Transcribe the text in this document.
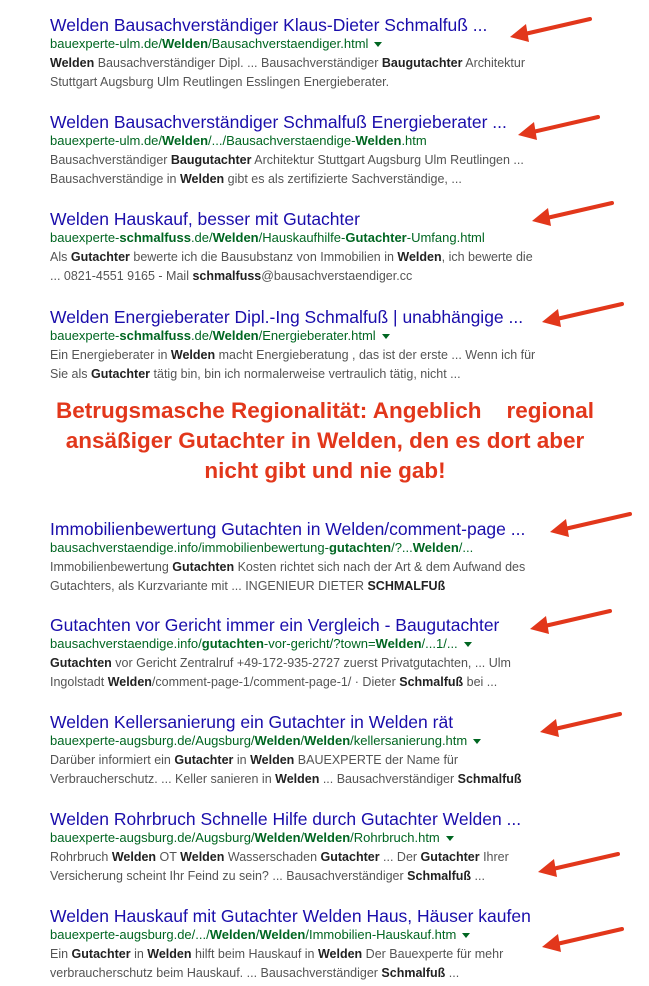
Welden Bausachverständiger Klaus-Dieter Schmalfuß ...
bauexperte-ulm.de/Welden/Bausachverstaendiger.html
Welden Bausachverständiger Dipl. ... Bausachverständiger Baugutachter Architektur
Stuttgart Augsburg Ulm Reutlingen Esslingen Energieberater.
Welden Bausachverständiger Schmalfuß Energieberater ...
bauexperte-ulm.de/Welden/.../Bausachverstaendige-Welden.htm
Bausachverständiger Baugutachter Architektur Stuttgart Augsburg Ulm Reutlingen ...
Bausachverständige in Welden gibt es als zertifizierte Sachverständige, ...
Welden Hauskauf, besser mit Gutachter
bauexperte-schmalfuss.de/Welden/Hauskaufhilfe-Gutachter-Umfang.html
Als Gutachter bewerte ich die Bausubstanz von Immobilien in Welden, ich bewerte die
... 0821-4551 9165 - Mail schmalfuss@bausachverstaendiger.cc
Welden Energieberater Dipl.-Ing Schmalfuß | unabhängige ...
bauexperte-schmalfuss.de/Welden/Energieberater.html
Ein Energieberater in Welden macht Energieberatung , das ist der erste ... Wenn ich für
Sie als Gutachter tätig bin, bin ich normalerweise vertraulich tätig, nicht ...
Immobilienbewertung Gutachten in Welden/comment-page ...
bausachverstaendige.info/immobilienbewertung-gutachten/?...Welden/...
Immobilienbewertung Gutachten Kosten richtet sich nach der Art & dem Aufwand des
Gutachters, als Kurzvariante mit ... INGENIEUR DIETER SCHMALFUß
Gutachten vor Gericht immer ein Vergleich - Baugutachter
bausachverstaendige.info/gutachten-vor-gericht/?town=Welden/...1/...
Gutachten vor Gericht Zentralruf +49-172-935-2727 zuerst Privatgutachten, ... Ulm
Ingolstadt Welden/comment-page-1/comment-page-1/ · Dieter Schmalfuß bei ...
Welden Kellersanierung ein Gutachter in Welden rät
bauexperte-augsburg.de/Augsburg/Welden/Welden/kellersanierung.htm
Darüber informiert ein Gutachter in Welden BAUEXPERTE der Name für
Verbraucherschutz. ... Keller sanieren in Welden ... Bausachverständiger Schmalfuß
Welden Rohrbruch Schnelle Hilfe durch Gutachter Welden ...
bauexperte-augsburg.de/Augsburg/Welden/Welden/Rohrbruch.htm
Rohrbruch Welden OT Welden Wasserschaden Gutachter ... Der Gutachter Ihrer
Versicherung scheint Ihr Feind zu sein? ... Bausachverständiger Schmalfuß ...
Welden Hauskauf mit Gutachter Welden Haus, Häuser kaufen
bauexperte-augsburg.de/.../Welden/Welden/Immobilien-Hauskauf.htm
Ein Gutachter in Welden hilft beim Hauskauf in Welden Der Bauexperte für mehr
verbraucherschutz beim Hauskauf. ... Bausachverständiger Schmalfuß ...
Betrugsmasche Regionalität: Angeblich    regional
ansäßiger Gutachter in Welden, den es dort aber
nicht gibt und nie gab!
